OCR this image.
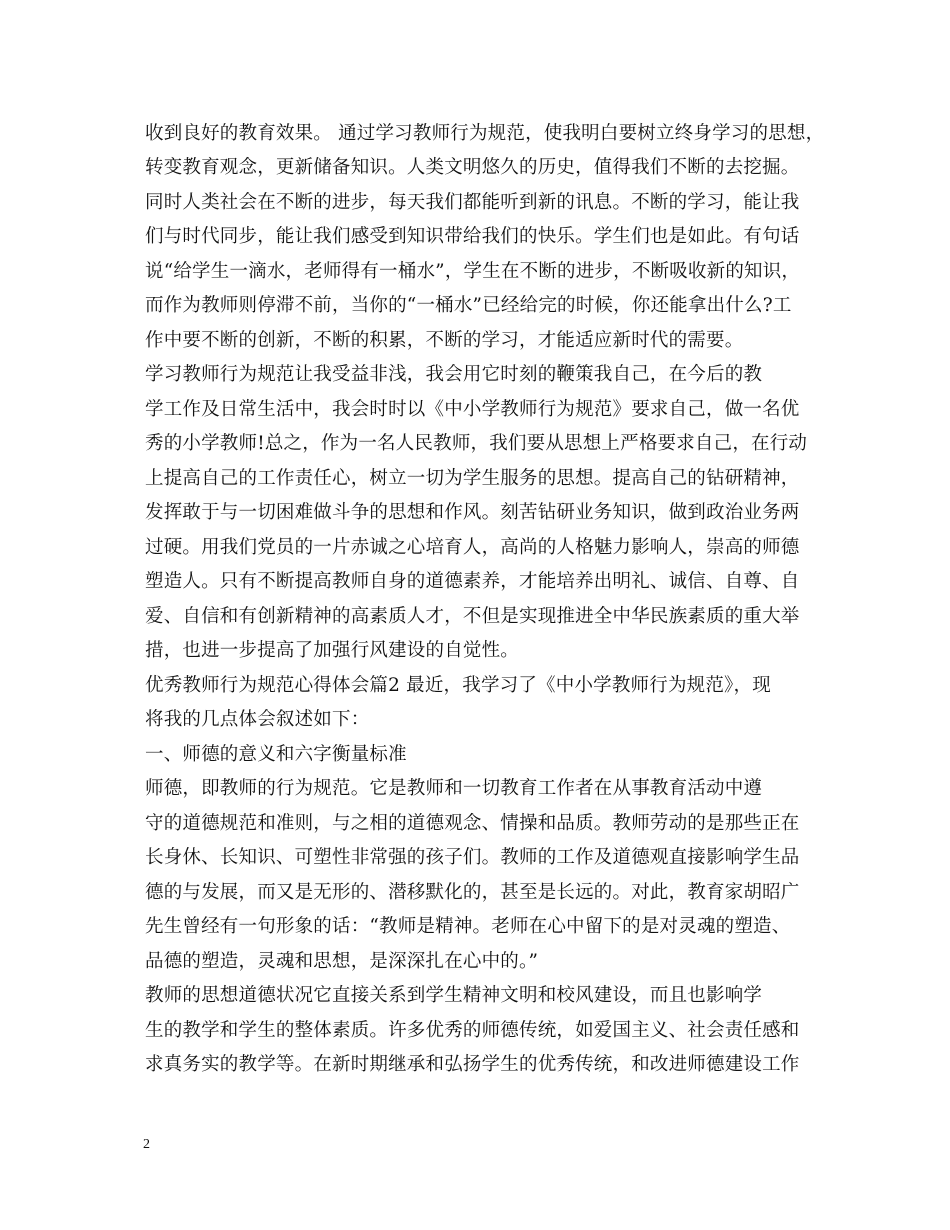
收到良好的教育效果。 通过学习教师行为规范，使我明白要树立终身学习的思想，
转变教育观念，更新储备知识。人类文明悠久的历史，值得我们不断的去挖掘。
同时人类社会在不断的进步，每天我们都能听到新的讯息。不断的学习，能让我
们与时代同步，能让我们感受到知识带给我们的快乐。学生们也是如此。有句话
说“给学生一滴水，老师得有一桶水”，学生在不断的进步，不断吸收新的知识，
而作为教师则停滞不前，当你的“一桶水”已经给完的时候，你还能拿出什么?工
作中要不断的创新，不断的积累，不断的学习，才能适应新时代的需要。
学习教师行为规范让我受益非浅，我会用它时刻的鞭策我自己，在今后的教
学工作及日常生活中，我会时时以《中小学教师行为规范》要求自己，做一名优
秀的小学教师!总之，作为一名人民教师，我们要从思想上严格要求自己，在行动
上提高自己的工作责任心，树立一切为学生服务的思想。提高自己的钻研精神，
发挥敢于与一切困难做斗争的思想和作风。刻苦钻研业务知识，做到政治业务两
过硬。用我们党员的一片赤诚之心培育人，高尚的人格魅力影响人，崇高的师德
塑造人。只有不断提高教师自身的道德素养，才能培养出明礼、诚信、自尊、自
爱、自信和有创新精神的高素质人才，不但是实现推进全中华民族素质的重大举
措，也进一步提高了加强行风建设的自觉性。
优秀教师行为规范心得体会篇2 最近，我学习了《中小学教师行为规范》，现
将我的几点体会叙述如下：
一、师德的意义和六字衡量标准
师德，即教师的行为规范。它是教师和一切教育工作者在从事教育活动中遵
守的道德规范和准则，与之相的道德观念、情操和品质。教师劳动的是那些正在
长身休、长知识、可塑性非常强的孩子们。教师的工作及道德观直接影响学生品
德的与发展，而又是无形的、潜移默化的，甚至是长远的。对此，教育家胡昭广
先生曾经有一句形象的话：“教师是精神。老师在心中留下的是对灵魂的塑造、
品德的塑造，灵魂和思想，是深深扎在心中的。”
教师的思想道德状况它直接关系到学生精神文明和校风建设，而且也影响学
生的教学和学生的整体素质。许多优秀的师德传统，如爱国主义、社会责任感和
求真务实的教学等。在新时期继承和弘扬学生的优秀传统，和改进师德建设工作
2
